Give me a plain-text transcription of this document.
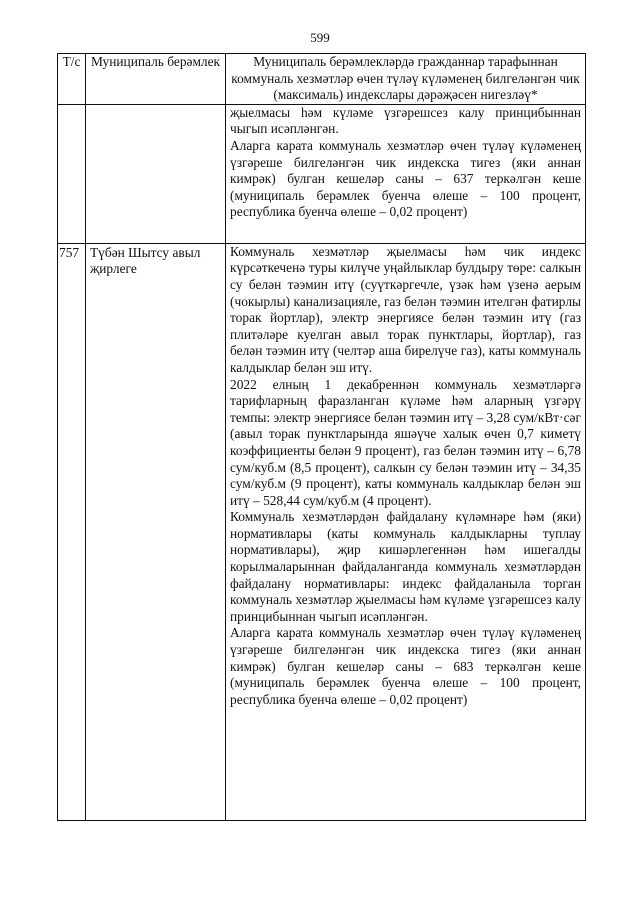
599
Т/с	Муниципаль берәмлек	Муниципаль берәмлекләрдә гражданнар тарафыннан коммуналь хезмәтләр өчен түләү күләменең билгеләнгән чик (максималь) индекслары дәрәҗәсен нигезләү*

		җыелмасы һәм күләме үзгәрешсез калу принцибыннан чыгып исәпләнгән.

Аларга карата коммуналь хезмәтләр өчен түләү күләменең үзгәреше билгеләнгән чик индекска тигез (яки аннан кимрәк) булган кешеләр саны – 637 теркәлгән кеше (муниципаль берәмлек буенча өлеше – 100 процент, республика буенча өлеше – 0,02 процент)

757	Түбән Шытсу авыл җирлеге	Коммуналь хезмәтләр җыелмасы һәм чик индекс күрсәткеченә туры килүче уңайлыклар булдыру төре: салкын су белән тәэмин итү (суүткәргечле, үзәк һәм үзенә аерым (чокырлы) канализацияле, газ белән тәэмин ителгән фатирлы торак йортлар), электр энергиясе белән тәэмин итү (газ плитәләре куелган авыл торак пунктлары, йортлар), газ белән тәэмин итү (челтәр аша бирелүче газ), каты коммуналь калдыклар белән эш итү.

2022 елның 1 декабреннән коммуналь хезмәтләргә тарифларның фаразланган күләме һәм аларның үзгәрү темпы: электр энергиясе белән тәэмин итү – 3,28 сум/кВт·сәг (авыл торак пунктларында яшәүче халык өчен 0,7 киметү коэффициенты белән 9 процент), газ белән тәэмин итү – 6,78 сум/куб.м (8,5 процент), салкын су белән тәэмин итү – 34,35 сум/куб.м (9 процент), каты коммуналь калдыклар белән эш итү – 528,44 сум/куб.м (4 процент).

Коммуналь хезмәтләрдән файдалану күләмнәре һәм (яки) нормативлары (каты коммуналь калдыкларны туплау нормативлары), җир кишәрлегеннән һәм ишегалды корылмаларыннан файдаланганда коммуналь хезмәтләрдән файдалану нормативлары: индекс файдаланыла торган коммуналь хезмәтләр җыелмасы һәм күләме үзгәрешсез калу принцибыннан чыгып исәпләнгән.

Аларга карата коммуналь хезмәтләр өчен түләү күләменең үзгәреше билгеләнгән чик индекска тигез (яки аннан кимрәк) булган кешеләр саны – 683 теркәлгән кеше (муниципаль берәмлек буенча өлеше – 100 процент, республика буенча өлеше – 0,02 процент)
